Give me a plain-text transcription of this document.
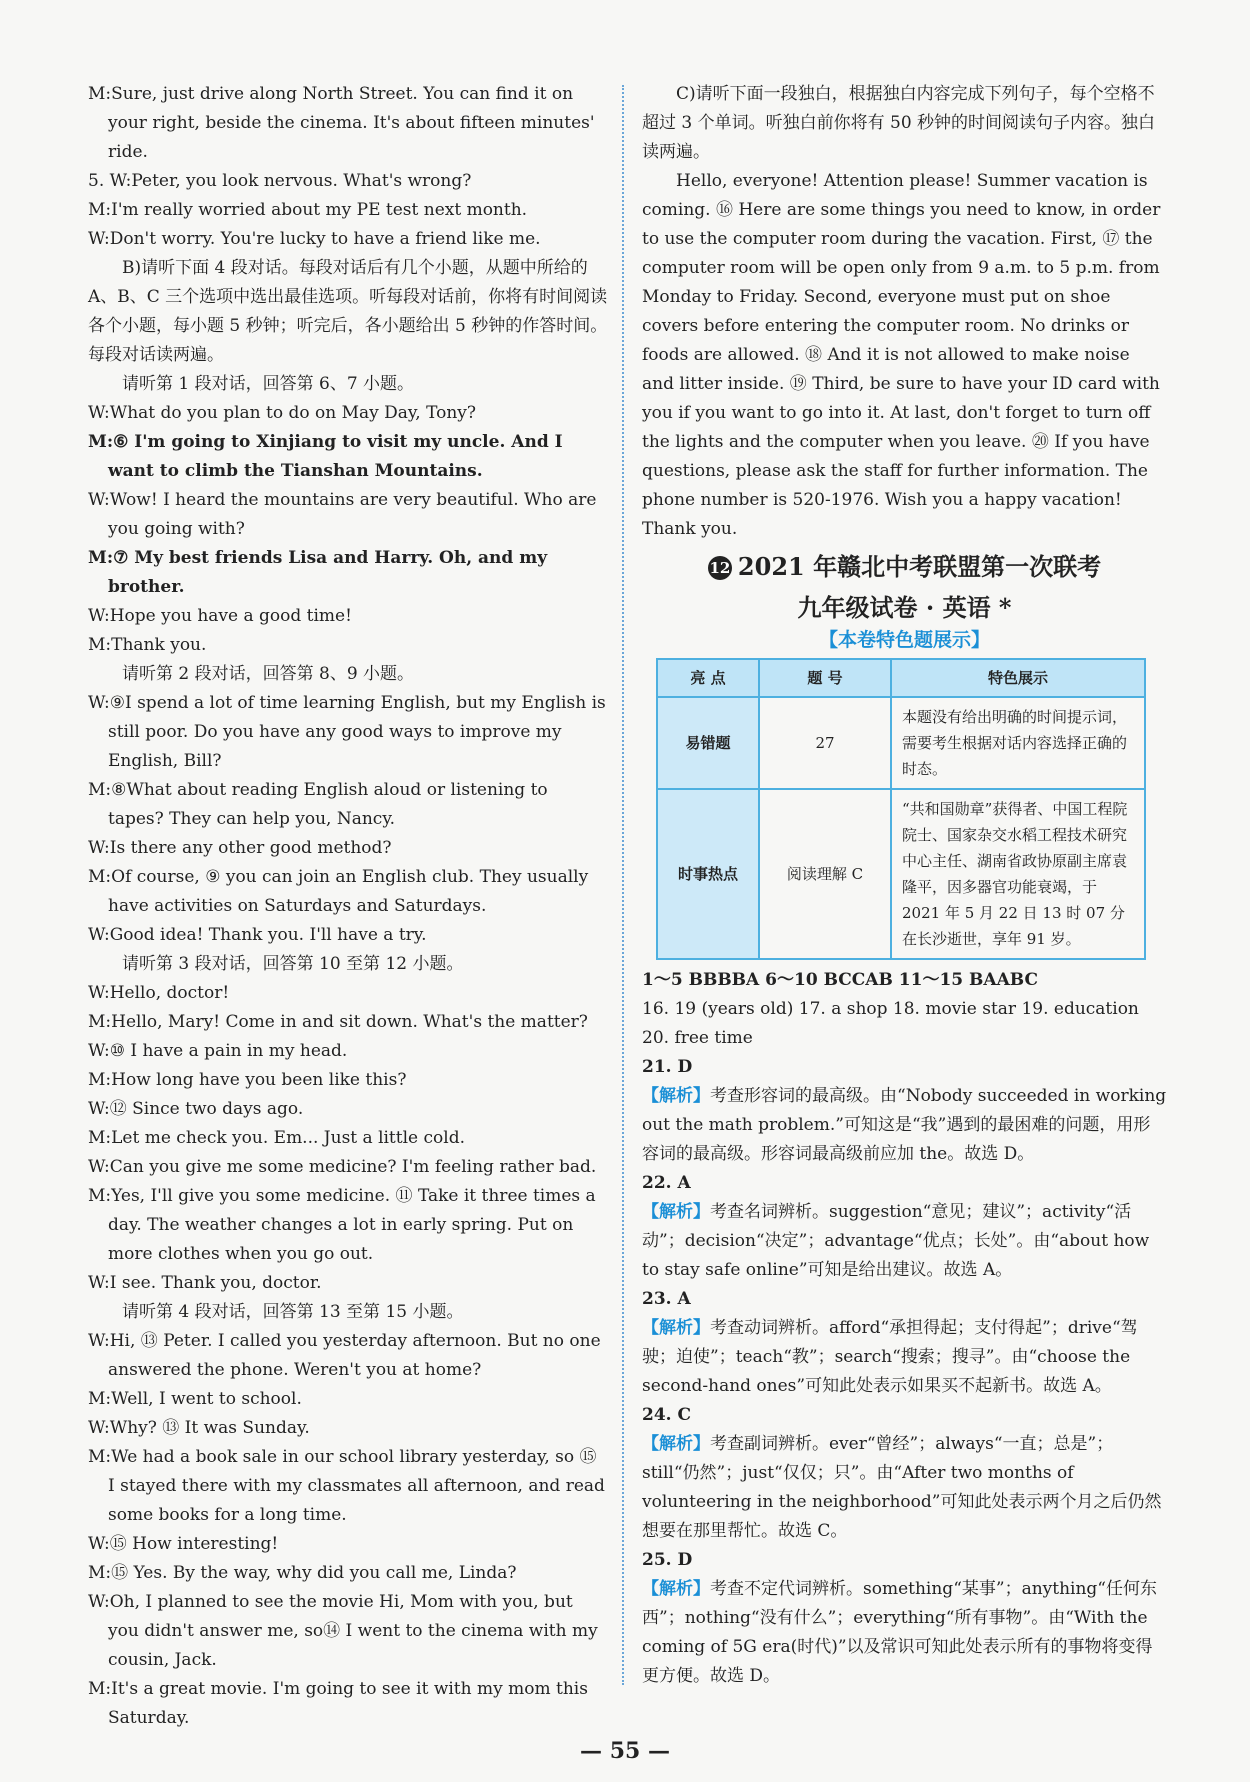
M:Sure, just drive along North Street. You can find it on your right, beside the cinema. It's about fifteen minutes' ride.

5. W:Peter, you look nervous. What's wrong?

M:I'm really worried about my PE test next month.

W:Don't worry. You're lucky to have a friend like me.

B)请听下面 4 段对话。每段对话后有几个小题，从题中所给的 A、B、C 三个选项中选出最佳选项。听每段对话前，你将有时间阅读各个小题，每小题 5 秒钟；听完后，各小题给出 5 秒钟的作答时间。每段对话读两遍。

请听第 1 段对话，回答第 6、7 小题。

W:What do you plan to do on May Day, Tony?

M:⑥ I'm going to Xinjiang to visit my uncle. And I want to climb the Tianshan Mountains.

W:Wow! I heard the mountains are very beautiful. Who are you going with?

M:⑦ My best friends Lisa and Harry. Oh, and my brother.

W:Hope you have a good time!

M:Thank you.

请听第 2 段对话，回答第 8、9 小题。

W:⑨I spend a lot of time learning English, but my English is still poor. Do you have any good ways to improve my English, Bill?

M:⑧What about reading English aloud or listening to tapes? They can help you, Nancy.

W:Is there any other good method?

M:Of course, ⑨ you can join an English club. They usually have activities on Saturdays and Saturdays.

W:Good idea! Thank you. I'll have a try.

请听第 3 段对话，回答第 10 至第 12 小题。

W:Hello, doctor!

M:Hello, Mary! Come in and sit down. What's the matter?

W:⑩ I have a pain in my head.

M:How long have you been like this?

W:⑫ Since two days ago.

M:Let me check you. Em... Just a little cold.

W:Can you give me some medicine? I'm feeling rather bad.

M:Yes, I'll give you some medicine. ⑪ Take it three times a day. The weather changes a lot in early spring. Put on more clothes when you go out.

W:I see. Thank you, doctor.

请听第 4 段对话，回答第 13 至第 15 小题。

W:Hi, ⑬ Peter. I called you yesterday afternoon. But no one answered the phone. Weren't you at home?

M:Well, I went to school.

W:Why? ⑬ It was Sunday.

M:We had a book sale in our school library yesterday, so ⑮ I stayed there with my classmates all afternoon, and read some books for a long time.

W:⑮ How interesting!

M:⑮ Yes. By the way, why did you call me, Linda?

W:Oh, I planned to see the movie Hi, Mom with you, but you didn't answer me, so⑭ I went to the cinema with my cousin, Jack.

M:It's a great movie. I'm going to see it with my mom this Saturday.

C)请听下面一段独白，根据独白内容完成下列句子，每个空格不超过 3 个单词。听独白前你将有 50 秒钟的时间阅读句子内容。独白读两遍。

Hello, everyone! Attention please! Summer vacation is coming. ⑯ Here are some things you need to know, in order to use the computer room during the vacation. First, ⑰ the computer room will be open only from 9 a.m. to 5 p.m. from Monday to Friday. Second, everyone must put on shoe covers before entering the computer room. No drinks or foods are allowed. ⑱ And it is not allowed to make noise and litter inside. ⑲ Third, be sure to have your ID card with you if you want to go into it. At last, don't forget to turn off the lights and the computer when you leave. ⑳ If you have questions, please ask the staff for further information. The phone number is 520-1976. Wish you a happy vacation! Thank you.

12 2021 年赣北中考联盟第一次联考
九年级试卷 · 英语 *
【本卷特色题展示】
亮 点	题 号	特色展示
易错题	27	本题没有给出明确的时间提示词，需要考生根据对话内容选择正确的时态。
时事热点	阅读理解 C	“共和国勋章”获得者、中国工程院院士、国家杂交水稻工程技术研究中心主任、湖南省政协原副主席袁隆平，因多器官功能衰竭，于 2021 年 5 月 22 日 13 时 07 分在长沙逝世，享年 91 岁。

1～5 BBBBA 6～10 BCCAB 11～15 BAABC

16. 19 (years old) 17. a shop 18. movie star 19. education

20. free time

21. D

【解析】考查形容词的最高级。由“Nobody succeeded in working out the math problem.”可知这是“我”遇到的最困难的问题，用形容词的最高级。形容词最高级前应加 the。故选 D。

22. A

【解析】考查名词辨析。suggestion“意见；建议”；activity“活动”；decision“决定”；advantage“优点；长处”。由“about how to stay safe online”可知是给出建议。故选 A。

23. A

【解析】考查动词辨析。afford“承担得起；支付得起”；drive“驾驶；迫使”；teach“教”；search“搜索；搜寻”。由“choose the second-hand ones”可知此处表示如果买不起新书。故选 A。

24. C

【解析】考查副词辨析。ever“曾经”；always“一直；总是”；still“仍然”；just“仅仅；只”。由“After two months of volunteering in the neighborhood”可知此处表示两个月之后仍然想要在那里帮忙。故选 C。

25. D

【解析】考查不定代词辨析。something“某事”；anything“任何东西”；nothing“没有什么”；everything“所有事物”。由“With the coming of 5G era(时代)”以及常识可知此处表示所有的事物将变得更方便。故选 D。

— 55 —
